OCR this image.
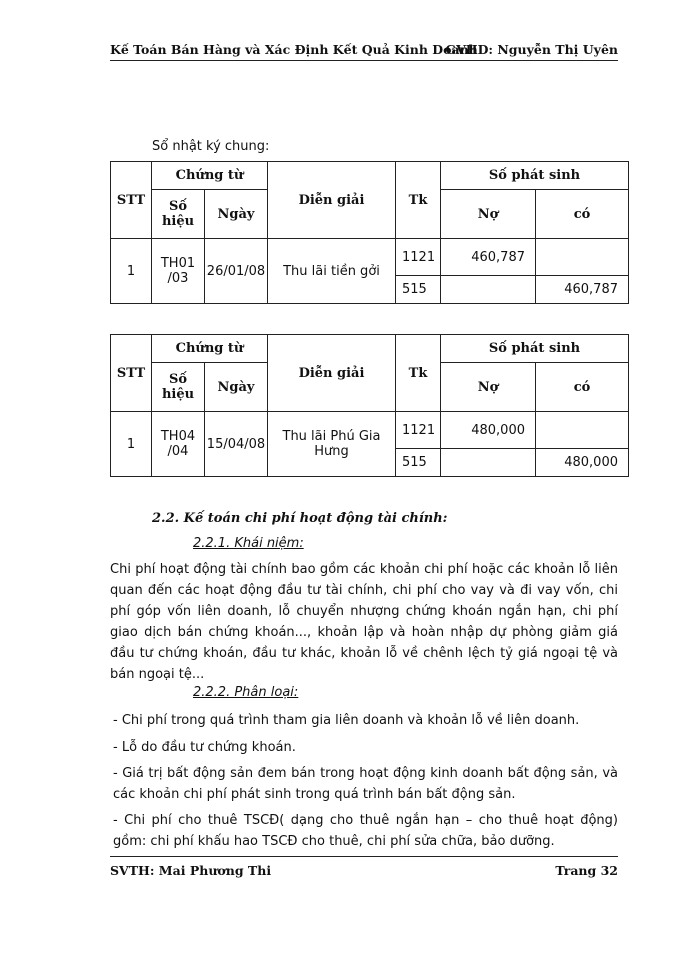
Kế Toán Bán Hàng và Xác Định Kết Quả Kinh Doanh
GVHD: Nguyễn Thị Uyên
Sổ nhật ký chung:
STT	Chứng từ		Diễn giải	Tk	Số phát sinh	
	Số hiệu	Ngày			Nợ	có
1	TH01 /03	26/01/08	Thu lãi tiền gởi	1121	460,787	
				515		460,787
STT	Chứng từ		Diễn giải	Tk	Số phát sinh	
	Số hiệu	Ngày			Nợ	có
1	TH04 /04	15/04/08	Thu lãi Phú Gia Hưng	1121	480,000	
				515		480,000
2.2. Kế toán chi phí hoạt động tài chính:
2.2.1. Khái niệm:
Chi phí hoạt động tài chính bao gồm các khoản chi phí hoặc các khoản lỗ liên quan đến các hoạt động đầu tư tài chính, chi phí cho vay và đi vay vốn, chi phí góp vốn liên doanh, lỗ chuyển nhượng chứng khoán ngắn hạn, chi phí giao dịch bán chứng khoán..., khoản lập và hoàn nhập dự phòng giảm giá đầu tư chứng khoán, đầu tư khác, khoản lỗ về chênh lệch tỷ giá ngoại tệ và bán ngoại tệ...
2.2.2. Phân loại:
- Chi phí trong quá trình tham gia liên doanh và khoản lỗ về liên doanh.
- Lỗ do đầu tư chứng khoán.
- Giá trị bất động sản đem bán trong hoạt động kinh doanh bất động sản, và các khoản chi phí phát sinh trong quá trình bán bất động sản.
- Chi phí cho thuê TSCĐ( dạng cho thuê ngắn hạn – cho thuê hoạt động) gồm: chi phí khấu hao TSCĐ cho thuê, chi phí sửa chữa, bảo dưỡng.
SVTH: Mai Phương Thi	Trang 32
